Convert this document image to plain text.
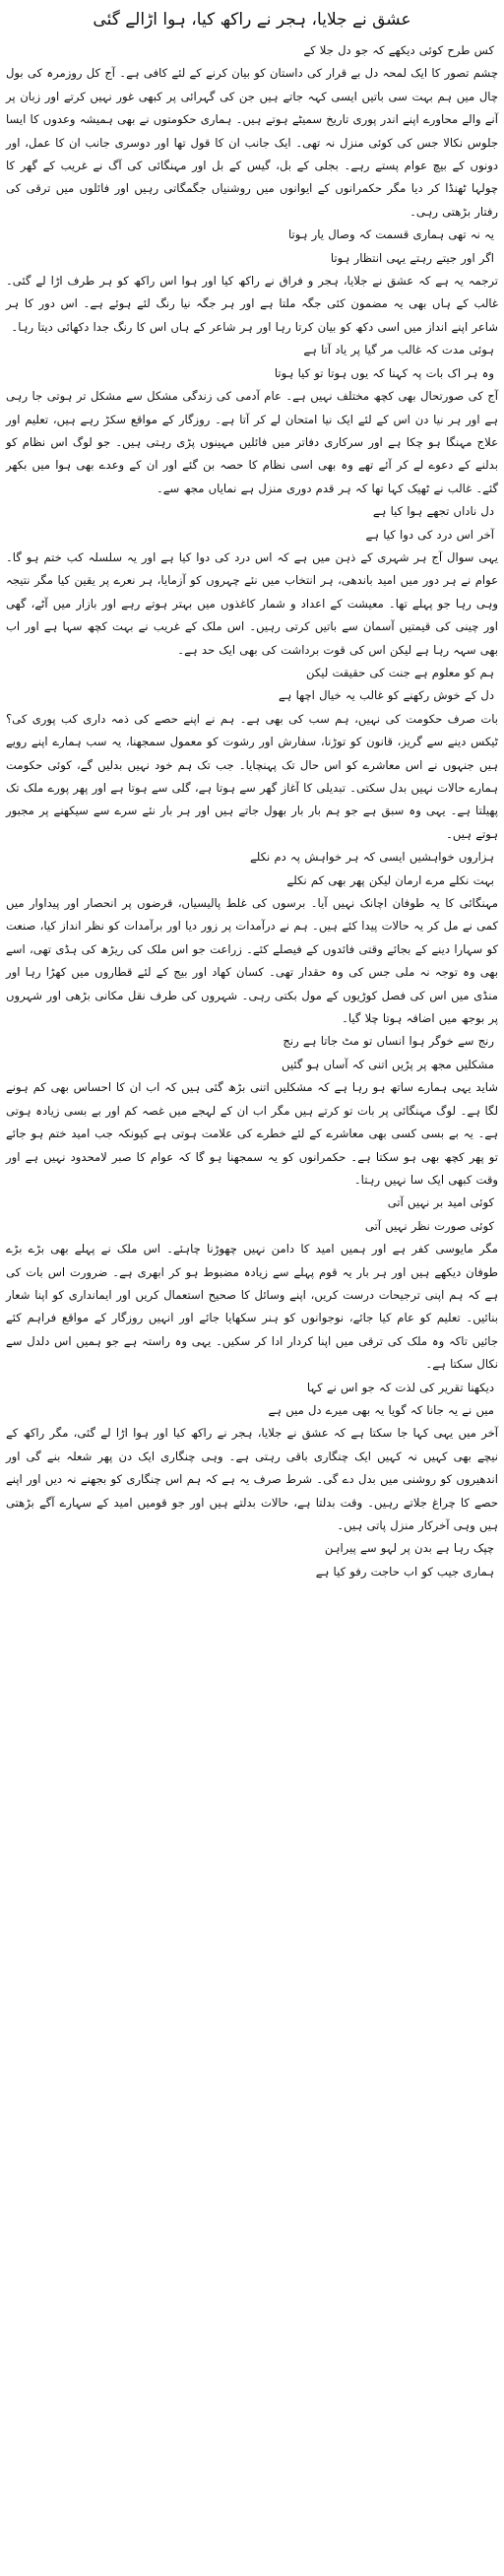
عشق نے جلایا، ہجر نے راکھ کیا، ہوا اڑالے گئی

کس طرح کوئی دیکھے کہ جو دل جلا کے

چشم تصور کا ایک لمحہ دل بے قرار کی داستان کو بیان کرنے کے لئے کافی ہے۔ آج کل روزمرہ کی بول چال میں ہم بہت سی باتیں ایسی کہہ جاتے ہیں جن کی گہرائی پر کبھی غور نہیں کرتے اور زبان پر آنے والے محاورے اپنے اندر پوری تاریخ سمیٹے ہوتے ہیں۔ ہماری حکومتوں نے بھی ہمیشہ وعدوں کا ایسا جلوس نکالا جس کی کوئی منزل نہ تھی۔ ایک جانب ان کا قول تھا اور دوسری جانب ان کا عمل، اور دونوں کے بیچ عوام پستے رہے۔ بجلی کے بل، گیس کے بل اور مہنگائی کی آگ نے غریب کے گھر کا چولہا ٹھنڈا کر دیا مگر حکمرانوں کے ایوانوں میں روشنیاں جگمگاتی رہیں اور فائلوں میں ترقی کی رفتار بڑھتی رہی۔

یہ نہ تھی ہماری قسمت کہ وصال یار ہوتا

اگر اور جیتے رہتے یہی انتظار ہوتا

ترجمہ یہ ہے کہ عشق نے جلایا، ہجر و فراق نے راکھ کیا اور ہوا اس راکھ کو ہر طرف اڑا لے گئی۔ غالب کے ہاں بھی یہ مضمون کئی جگہ ملتا ہے اور ہر جگہ نیا رنگ لئے ہوئے ہے۔ اس دور کا ہر شاعر اپنے انداز میں اسی دکھ کو بیان کرتا رہا اور ہر شاعر کے ہاں اس کا رنگ جدا دکھائی دیتا رہا۔

ہوئی مدت کہ غالب مر گیا پر یاد آتا ہے

وہ ہر اک بات پہ کہنا کہ یوں ہوتا تو کیا ہوتا

آج کی صورتحال بھی کچھ مختلف نہیں ہے۔ عام آدمی کی زندگی مشکل سے مشکل تر ہوتی جا رہی ہے اور ہر نیا دن اس کے لئے ایک نیا امتحان لے کر آتا ہے۔ روزگار کے مواقع سکڑ رہے ہیں، تعلیم اور علاج مہنگا ہو چکا ہے اور سرکاری دفاتر میں فائلیں مہینوں پڑی رہتی ہیں۔ جو لوگ اس نظام کو بدلنے کے دعوے لے کر آئے تھے وہ بھی اسی نظام کا حصہ بن گئے اور ان کے وعدے بھی ہوا میں بکھر گئے۔ غالب نے ٹھیک کہا تھا کہ ہر قدم دوری منزل ہے نمایاں مجھ سے۔

دل ناداں تجھے ہوا کیا ہے

آخر اس درد کی دوا کیا ہے

یہی سوال آج ہر شہری کے ذہن میں ہے کہ اس درد کی دوا کیا ہے اور یہ سلسلہ کب ختم ہو گا۔ عوام نے ہر دور میں امید باندھی، ہر انتخاب میں نئے چہروں کو آزمایا، ہر نعرے پر یقین کیا مگر نتیجہ وہی رہا جو پہلے تھا۔ معیشت کے اعداد و شمار کاغذوں میں بہتر ہوتے رہے اور بازار میں آٹے، گھی اور چینی کی قیمتیں آسمان سے باتیں کرتی رہیں۔ اس ملک کے غریب نے بہت کچھ سہا ہے اور اب بھی سہہ رہا ہے لیکن اس کی قوت برداشت کی بھی ایک حد ہے۔

ہم کو معلوم ہے جنت کی حقیقت لیکن

دل کے خوش رکھنے کو غالب یہ خیال اچھا ہے

بات صرف حکومت کی نہیں، ہم سب کی بھی ہے۔ ہم نے اپنے حصے کی ذمہ داری کب پوری کی؟ ٹیکس دینے سے گریز، قانون کو توڑنا، سفارش اور رشوت کو معمول سمجھنا، یہ سب ہمارے اپنے رویے ہیں جنہوں نے اس معاشرے کو اس حال تک پہنچایا۔ جب تک ہم خود نہیں بدلیں گے، کوئی حکومت ہمارے حالات نہیں بدل سکتی۔ تبدیلی کا آغاز گھر سے ہوتا ہے، گلی سے ہوتا ہے اور پھر پورے ملک تک پھیلتا ہے۔ یہی وہ سبق ہے جو ہم بار بار بھول جاتے ہیں اور ہر بار نئے سرے سے سیکھنے پر مجبور ہوتے ہیں۔

ہزاروں خواہشیں ایسی کہ ہر خواہش پہ دم نکلے

بہت نکلے مرے ارمان لیکن پھر بھی کم نکلے

مہنگائی کا یہ طوفان اچانک نہیں آیا۔ برسوں کی غلط پالیسیاں، قرضوں پر انحصار اور پیداوار میں کمی نے مل کر یہ حالات پیدا کئے ہیں۔ ہم نے درآمدات پر زور دیا اور برآمدات کو نظر انداز کیا، صنعت کو سہارا دینے کے بجائے وقتی فائدوں کے فیصلے کئے۔ زراعت جو اس ملک کی ریڑھ کی ہڈی تھی، اسے بھی وہ توجہ نہ ملی جس کی وہ حقدار تھی۔ کسان کھاد اور بیج کے لئے قطاروں میں کھڑا رہا اور منڈی میں اس کی فصل کوڑیوں کے مول بکتی رہی۔ شہروں کی طرف نقل مکانی بڑھی اور شہروں پر بوجھ میں اضافہ ہوتا چلا گیا۔

رنج سے خوگر ہوا انساں تو مٹ جاتا ہے رنج

مشکلیں مجھ پر پڑیں اتنی کہ آساں ہو گئیں

شاید یہی ہمارے ساتھ ہو رہا ہے کہ مشکلیں اتنی بڑھ گئی ہیں کہ اب ان کا احساس بھی کم ہونے لگا ہے۔ لوگ مہنگائی پر بات تو کرتے ہیں مگر اب ان کے لہجے میں غصہ کم اور بے بسی زیادہ ہوتی ہے۔ یہ بے بسی کسی بھی معاشرے کے لئے خطرے کی علامت ہوتی ہے کیونکہ جب امید ختم ہو جائے تو پھر کچھ بھی ہو سکتا ہے۔ حکمرانوں کو یہ سمجھنا ہو گا کہ عوام کا صبر لامحدود نہیں ہے اور وقت کبھی ایک سا نہیں رہتا۔

کوئی امید بر نہیں آتی

کوئی صورت نظر نہیں آتی

مگر مایوسی کفر ہے اور ہمیں امید کا دامن نہیں چھوڑنا چاہئے۔ اس ملک نے پہلے بھی بڑے بڑے طوفان دیکھے ہیں اور ہر بار یہ قوم پہلے سے زیادہ مضبوط ہو کر ابھری ہے۔ ضرورت اس بات کی ہے کہ ہم اپنی ترجیحات درست کریں، اپنے وسائل کا صحیح استعمال کریں اور ایمانداری کو اپنا شعار بنائیں۔ تعلیم کو عام کیا جائے، نوجوانوں کو ہنر سکھایا جائے اور انہیں روزگار کے مواقع فراہم کئے جائیں تاکہ وہ ملک کی ترقی میں اپنا کردار ادا کر سکیں۔ یہی وہ راستہ ہے جو ہمیں اس دلدل سے نکال سکتا ہے۔

دیکھنا تقریر کی لذت کہ جو اس نے کہا

میں نے یہ جانا کہ گویا یہ بھی میرے دل میں ہے

آخر میں یہی کہا جا سکتا ہے کہ عشق نے جلایا، ہجر نے راکھ کیا اور ہوا اڑا لے گئی، مگر راکھ کے نیچے بھی کہیں نہ کہیں ایک چنگاری باقی رہتی ہے۔ وہی چنگاری ایک دن پھر شعلہ بنے گی اور اندھیروں کو روشنی میں بدل دے گی۔ شرط صرف یہ ہے کہ ہم اس چنگاری کو بجھنے نہ دیں اور اپنے حصے کا چراغ جلاتے رہیں۔ وقت بدلتا ہے، حالات بدلتے ہیں اور جو قومیں امید کے سہارے آگے بڑھتی ہیں وہی آخرکار منزل پاتی ہیں۔

چپک رہا ہے بدن پر لہو سے پیراہن

ہماری جیب کو اب حاجت رفو کیا ہے
